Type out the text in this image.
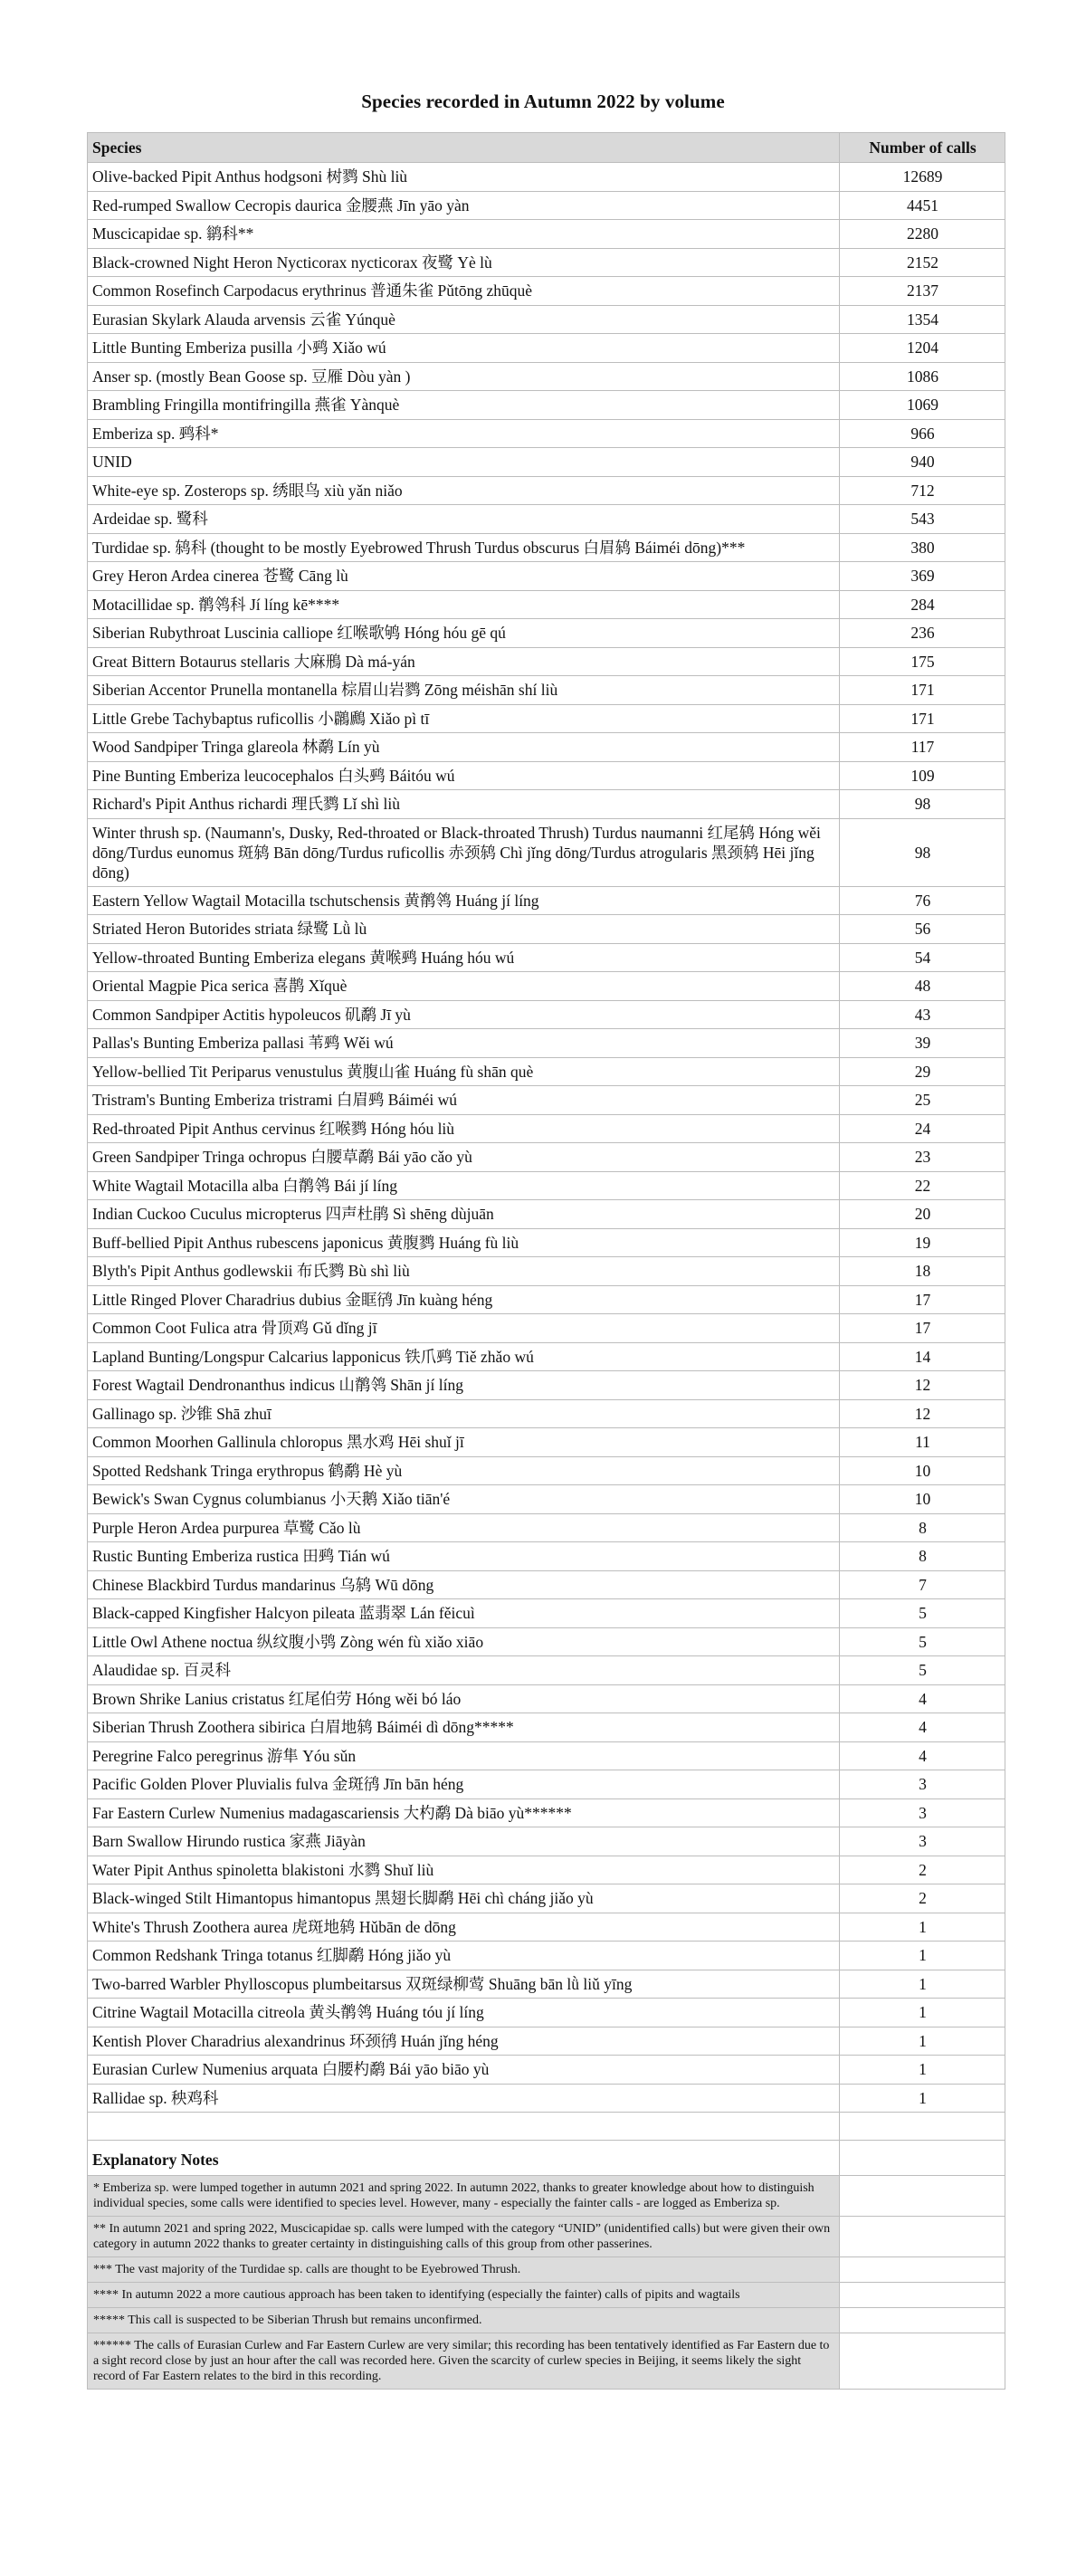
Species recorded in Autumn 2022 by volume
Species	Number of calls
Olive-backed Pipit Anthus hodgsoni 树鹨 Shù liù	12689
Red-rumped Swallow Cecropis daurica 金腰燕 Jīn yāo yàn	4451
Muscicapidae sp. 鹟科**	2280
Black-crowned Night Heron Nycticorax nycticorax 夜鹭 Yè lù	2152
Common Rosefinch Carpodacus erythrinus 普通朱雀 Pǔtōng zhūquè	2137
Eurasian Skylark Alauda arvensis 云雀 Yúnquè	1354
Little Bunting Emberiza pusilla 小鹀 Xiǎo wú	1204
Anser sp. (mostly Bean Goose sp. 豆雁 Dòu yàn )	1086
Brambling Fringilla montifringilla 燕雀 Yànquè	1069
Emberiza sp. 鹀科*	966
UNID	940
White-eye sp. Zosterops sp. 绣眼鸟 xiù yǎn niǎo	712
Ardeidae sp. 鹭科	543
Turdidae sp. 鸫科 (thought to be mostly Eyebrowed Thrush Turdus obscurus 白眉鸫 Báiméi dōng)***	380
Grey Heron Ardea cinerea 苍鹭 Cāng lù	369
Motacillidae sp. 鹡鸰科 Jí líng kē****	284
Siberian Rubythroat Luscinia calliope 红喉歌鸲 Hóng hóu gē qú	236
Great Bittern Botaurus stellaris 大麻鳽 Dà má-yán	175
Siberian Accentor Prunella montanella 棕眉山岩鹨 Zōng méishān shí liù	171
Little Grebe Tachybaptus ruficollis 小鸊鷉 Xiǎo pì tī	171
Wood Sandpiper Tringa glareola 林鹬 Lín yù	117
Pine Bunting Emberiza leucocephalos 白头鹀 Báitóu wú	109
Richard's Pipit Anthus richardi 理氏鹨 Lǐ shì liù	98
Winter thrush sp. (Naumann's, Dusky, Red-throated or Black-throated Thrush) Turdus naumanni 红尾鸫 Hóng wěi dōng/Turdus eunomus 斑鸫 Bān dōng/Turdus ruficollis 赤颈鸫 Chì jǐng dōng/Turdus atrogularis 黑颈鸫 Hēi jǐng dōng)	98
Eastern Yellow Wagtail Motacilla tschutschensis 黄鹡鸰 Huáng jí líng	76
Striated Heron Butorides striata 绿鹭 Lǜ lù	56
Yellow-throated Bunting Emberiza elegans 黄喉鹀 Huáng hóu wú	54
Oriental Magpie Pica serica 喜鹊 Xǐquè	48
Common Sandpiper Actitis hypoleucos 矶鹬 Jī yù	43
Pallas's Bunting Emberiza pallasi 苇鹀 Wěi wú	39
Yellow-bellied Tit Periparus venustulus 黄腹山雀 Huáng fù shān què	29
Tristram's Bunting Emberiza tristrami 白眉鹀 Báiméi wú	25
Red-throated Pipit Anthus cervinus 红喉鹨 Hóng hóu liù	24
Green Sandpiper Tringa ochropus 白腰草鹬 Bái yāo cǎo yù	23
White Wagtail Motacilla alba 白鹡鸰 Bái jí líng	22
Indian Cuckoo Cuculus micropterus 四声杜鹃 Sì shēng dùjuān	20
Buff-bellied Pipit Anthus rubescens japonicus 黄腹鹨 Huáng fù liù	19
Blyth's Pipit Anthus godlewskii 布氏鹨 Bù shì liù	18
Little Ringed Plover Charadrius dubius 金眶鸻 Jīn kuàng héng	17
Common Coot Fulica atra 骨顶鸡 Gǔ dǐng jī	17
Lapland Bunting/Longspur Calcarius lapponicus 铁爪鹀 Tiě zhǎo wú	14
Forest Wagtail Dendronanthus indicus 山鹡鸰 Shān jí líng	12
Gallinago sp. 沙锥 Shā zhuī	12
Common Moorhen Gallinula chloropus 黑水鸡 Hēi shuǐ jī	11
Spotted Redshank Tringa erythropus 鹤鹬 Hè yù	10
Bewick's Swan Cygnus columbianus 小天鹅 Xiǎo tiān'é	10
Purple Heron Ardea purpurea 草鹭 Cǎo lù	8
Rustic Bunting Emberiza rustica 田鹀 Tián wú	8
Chinese Blackbird Turdus mandarinus 乌鸫 Wū dōng	7
Black-capped Kingfisher Halcyon pileata 蓝翡翠 Lán fěicuì	5
Little Owl Athene noctua 纵纹腹小鸮 Zòng wén fù xiǎo xiāo	5
Alaudidae sp. 百灵科	5
Brown Shrike Lanius cristatus 红尾伯劳 Hóng wěi bó láo	4
Siberian Thrush Zoothera sibirica 白眉地鸫 Báiméi dì dōng*****	4
Peregrine Falco peregrinus 游隼 Yóu sǔn	4
Pacific Golden Plover Pluvialis fulva 金斑鸻 Jīn bān héng	3
Far Eastern Curlew Numenius madagascariensis 大杓鹬 Dà biāo yù******	3
Barn Swallow Hirundo rustica 家燕 Jiāyàn	3
Water Pipit Anthus spinoletta blakistoni 水鹨 Shuǐ liù	2
Black-winged Stilt Himantopus himantopus 黑翅长脚鹬 Hēi chì cháng jiǎo yù	2
White's Thrush Zoothera aurea 虎斑地鸫 Hǔbān de dōng	1
Common Redshank Tringa totanus 红脚鹬 Hóng jiǎo yù	1
Two-barred Warbler Phylloscopus plumbeitarsus 双斑绿柳莺 Shuāng bān lǜ liǔ yīng	1
Citrine Wagtail Motacilla citreola 黄头鹡鸰 Huáng tóu jí líng	1
Kentish Plover Charadrius alexandrinus 环颈鸻 Huán jǐng héng	1
Eurasian Curlew Numenius arquata 白腰杓鹬 Bái yāo biāo yù	1
Rallidae sp. 秧鸡科	1

Explanatory Notes	
* Emberiza sp. were lumped together in autumn 2021 and spring 2022. In autumn 2022, thanks to greater knowledge about how to distinguish individual species, some calls were identified to species level. However, many - especially the fainter calls - are logged as Emberiza sp.	
** In autumn 2021 and spring 2022, Muscicapidae sp. calls were lumped with the category “UNID” (unidentified calls) but were given their own category in autumn 2022 thanks to greater certainty in distinguishing calls of this group from other passerines.	
*** The vast majority of the Turdidae sp. calls are thought to be Eyebrowed Thrush.	
**** In autumn 2022 a more cautious approach has been taken to identifying (especially the fainter) calls of pipits and wagtails	
***** This call is suspected to be Siberian Thrush but remains unconfirmed.	
****** The calls of Eurasian Curlew and Far Eastern Curlew are very similar; this recording has been tentatively identified as Far Eastern due to a sight record close by just an hour after the call was recorded here. Given the scarcity of curlew species in Beijing, it seems likely the sight record of Far Eastern relates to the bird in this recording.	
